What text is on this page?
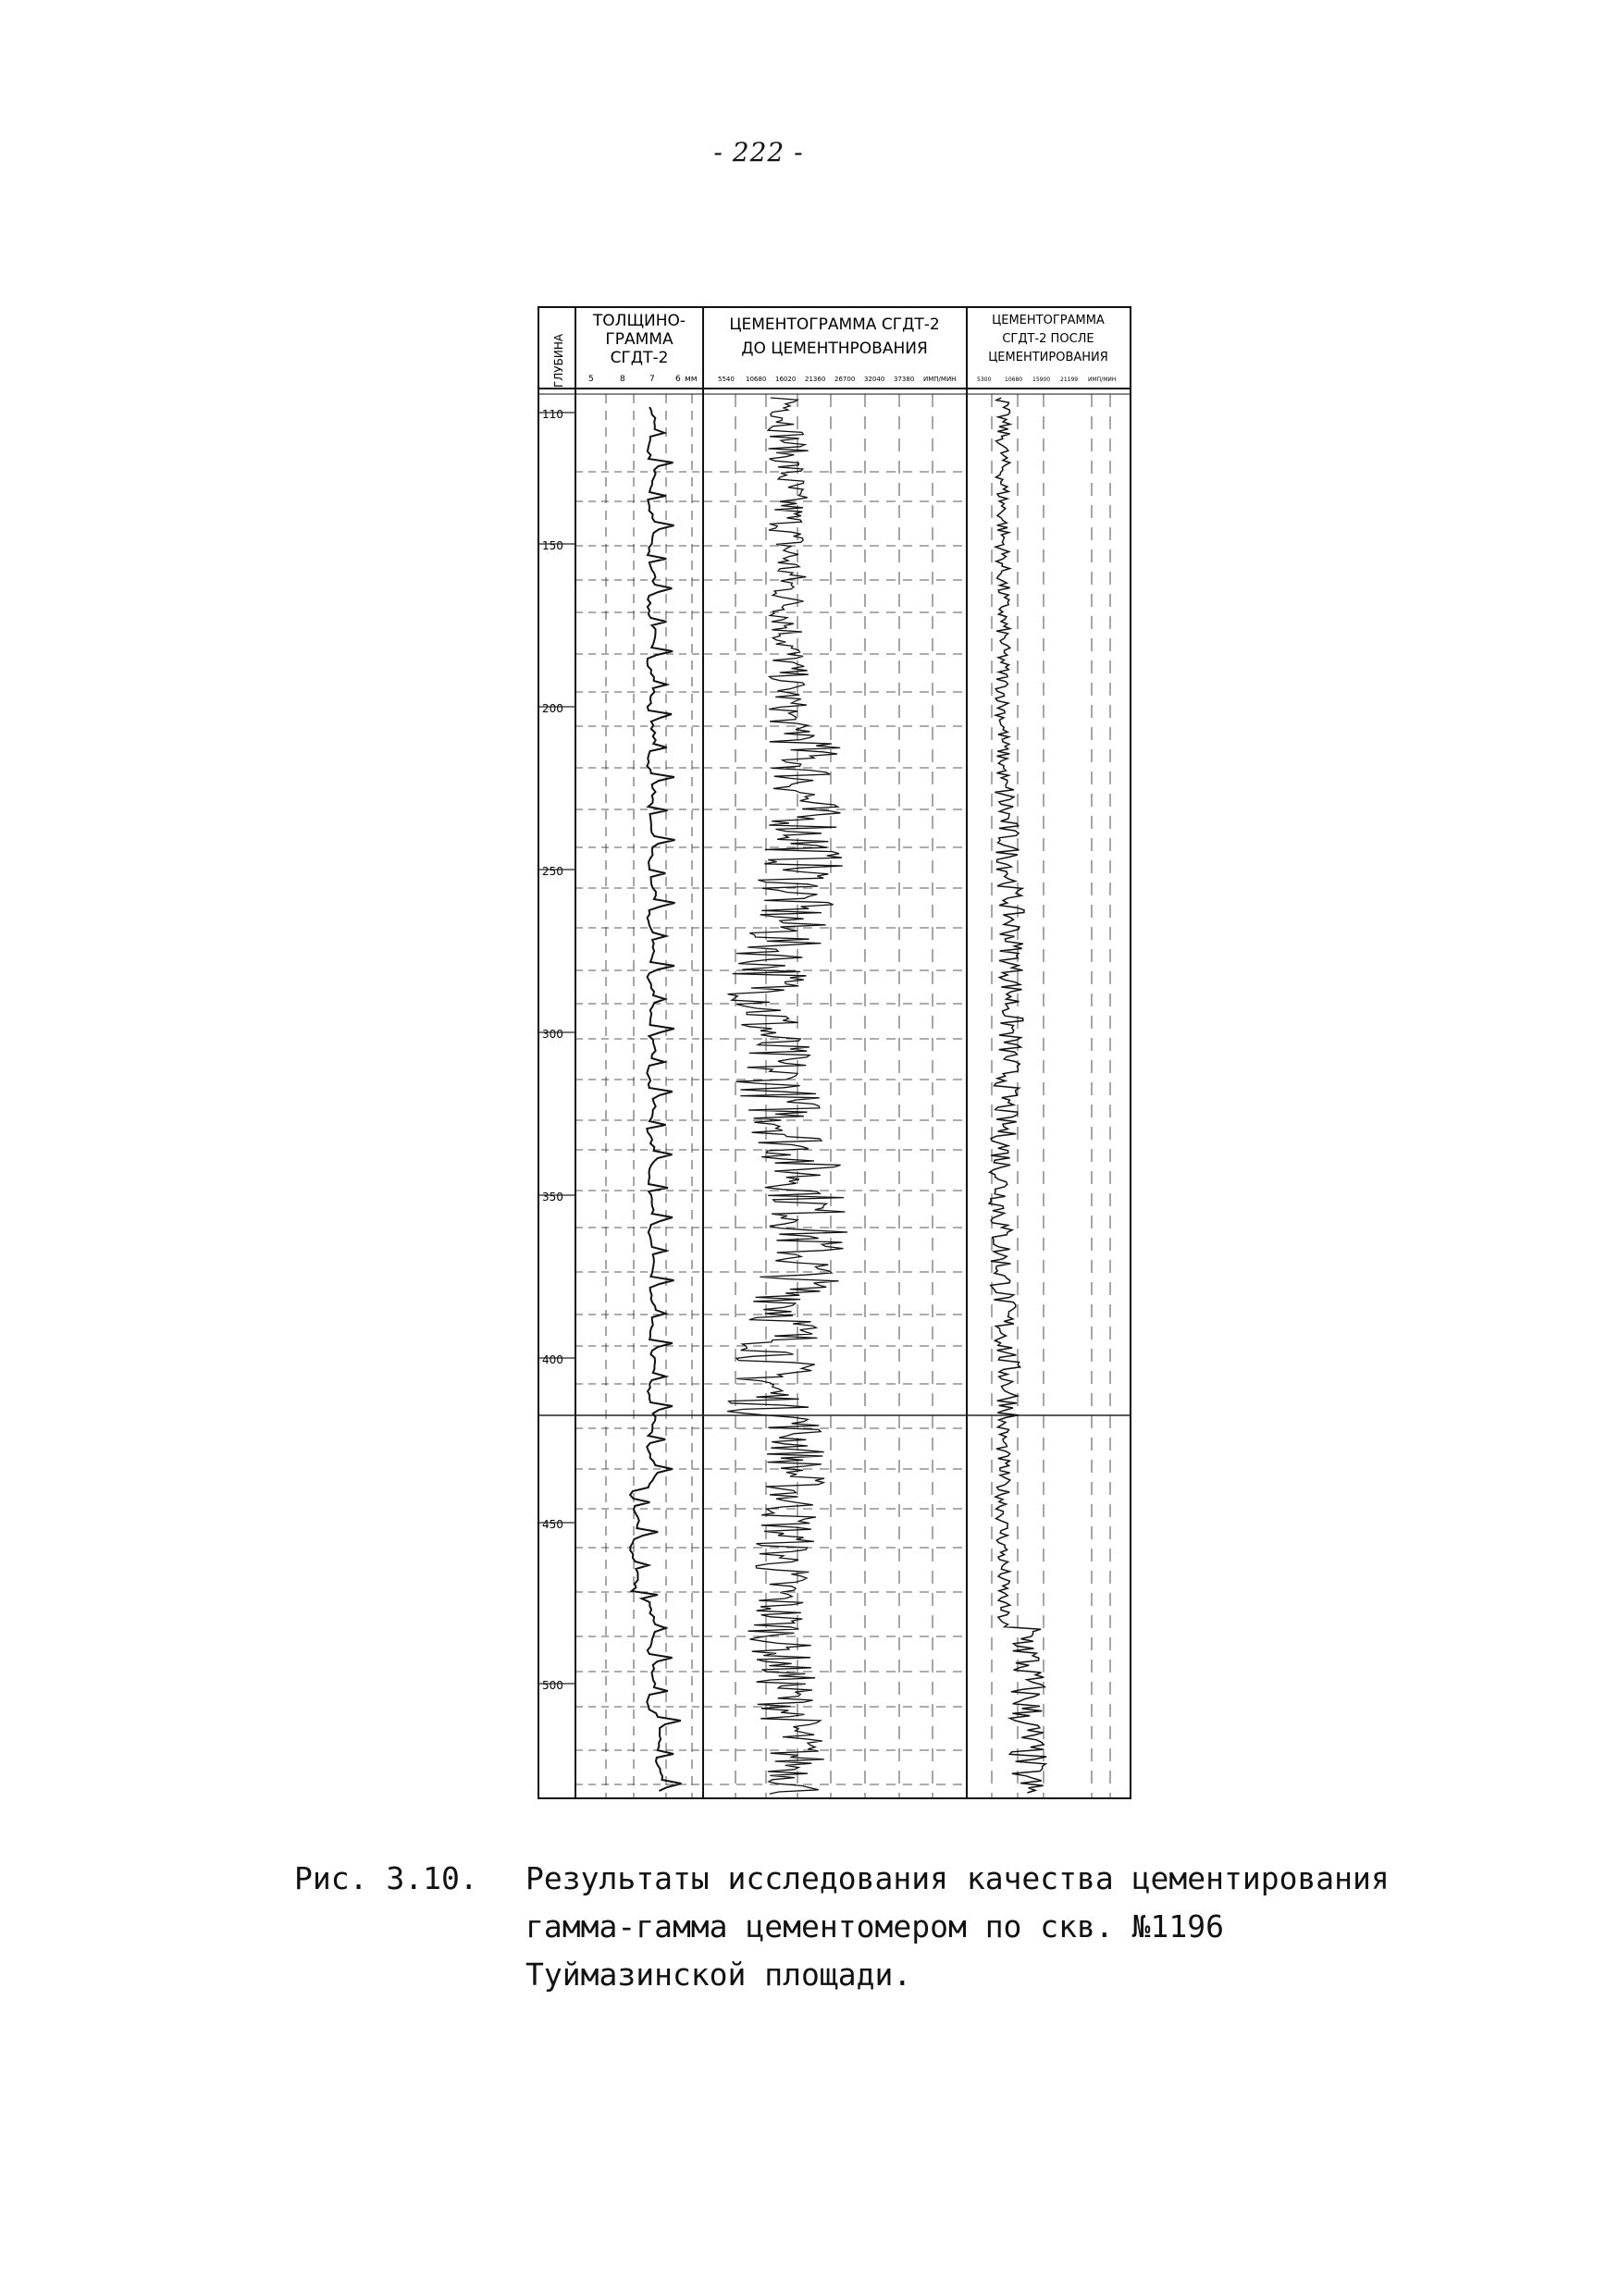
- 222 -
ГЛУБИНА
ТОЛЩИНО-
ГРАММА
СГДТ-2
5	8	7 6 мм
ЦЕМЕНТОГРАММА СГДТ-2
ДО ЦЕМЕНТНРОВАНИЯ
5540 10680 16020 21360 26700 32040 37380 ИМП/МИН
ЦЕМЕНТОГРАММА
СГДТ-2 ПОСЛЕ
ЦЕМЕНТИРОВАНИЯ
5300 10680 15900 21199 ИМП/МИН
110
150
200
250
300
350
400
450
500
Рис. 3.10. Результаты исследования качества цементирования
гамма-гамма цементомером по скв. №1196
Туймазинской площади.
